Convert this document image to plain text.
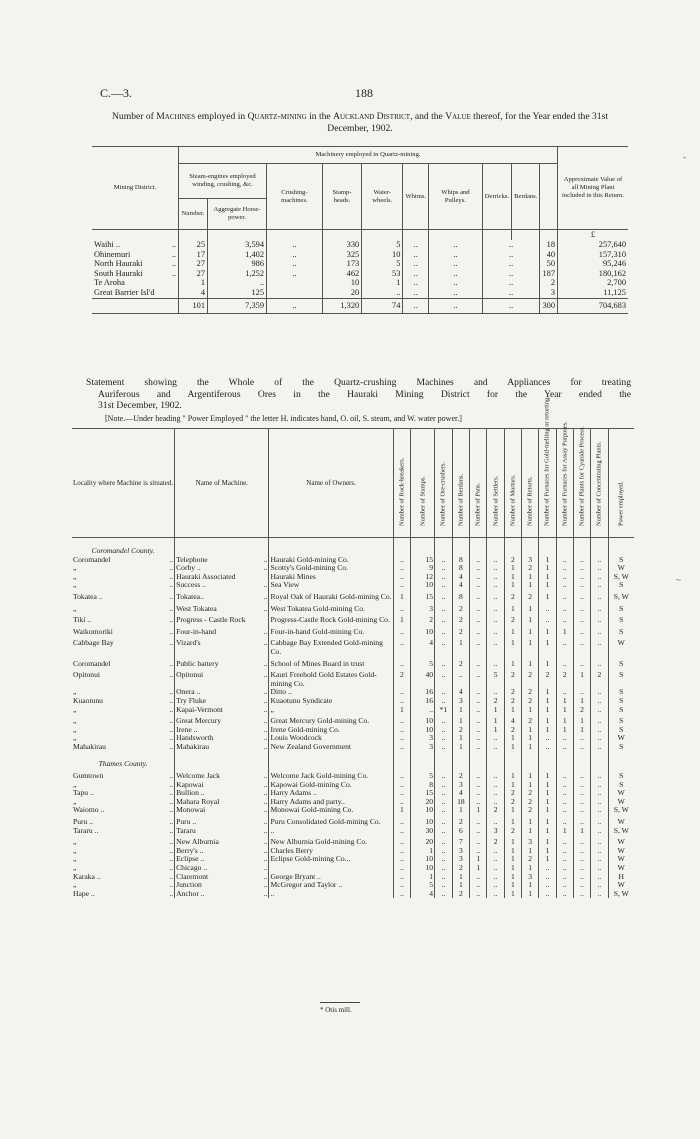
C.—3.	188
Number of Machines employed in Quartz-mining in the Auckland District, and the Value thereof, for the Year ended the 31st December, 1902.
Mining District.	Machinery employed in Quartz-mining.										Approximate Value of all Mining Plant included in this Return.
	Steam-engines employed winding, crushing, &c.		Crushing-machines.	Stamp-heads.	Water-wheels.	Whims.	Whips and Pulleys.	Derricks.	Berdans.		
	Number.	Aggregate Horse-power.									
											£
Waihi .. ..	25	3,594	..	330	5	..	..	..		18	257,640
Ohinemuri ..	17	1,402	..	325	10	..	..	..		40	157,310
North Hauraki ..	27	986	..	173	5	..	..	..		50	95,246
South Hauraki ..	27	1,252	..	462	53	..	..	..		187	180,162
Te Aroha	1	..		10	1	..	..	..		2	2,700
Great Barrier Isl'd	4	125		20	..	..	..	..		3	11,125
	101	7,359	..	1,320	74	..	..	..		300	704,683
Statement showing the Whole of the Quartz-crushing Machines and Appliances for treating
Auriferous and Argentiferous Ores in the Hauraki Mining District for the Year ended the
31st December, 1902.
[Note.—Under heading " Power Employed " the letter H. indicates hand, O. oil, S. steam, and W. water power.]
Locality where Machine is situated.	Name of Machine.	Name of Owners.	Number of Rock-breakers.	Number of Stamps.	Number of Ore-crushers.	Number of Berdans.	Number of Pans.	Number of Settlers.	Number of Mortars.	Number of Retorts.	Number of Furnaces for Gold-melting or retorting.	Number of Furnaces for Assay Purposes.	Number of Plants for Cyanide Process.	Number of Concentrating Plants.	Power employed.

Coromandel County.															
Coromandel ..	Telephone ..	Hauraki Gold-mining Co.	..	15	..	8	..	..	2	3	1	..	..	..	S
„ ..	Corby .. ..	Scotty's Gold-mining Co.	..	9	..	8	..	..	1	2	1	..	..	..	W
„ ..	Hauraki Associated	Hauraki Mines	..	12	..	4	..	..	1	1	1	..	..	..	S, W
„ ..	Success .. ..	Sea View	..	10	..	4	..	..	1	1	1	..	..	..	S
Tokatea .. ..	Tokatea.. ..	Royal Oak of Hauraki Gold-mining Co.	1	15	..	8	..	..	2	2	1	..	..	..	S, W
„ ..	West Tokatea ..	West Tokatea Gold-mining Co.	..	3	..	2	..	..	1	1	..	..	..	..	S
Tiki .. ..	Progress - Castle Rock	Progress-Castle Rock Gold-mining Co.	1	2	..	2	..	..	2	1	..	..	..	..	S
Waikomoriki ..	Four-in-hand ..	Four-in-hand Gold-mining Co.	..	10	..	2	..	..	1	1	1	1	..	..	S
Cabbage Bay ..	Vizard's ..	Cabbage Bay Extended Gold-mining Co.	..	4	..	1	..	..	1	1	1	..	..	..	W
Coromandel ..	Public battery ..	School of Mines Board in trust	..	5	..	2	..	..	1	1	1	..	..	..	S
Opitonui ..	Opitonui ..	Kauri Freehold Gold Estates Gold-mining Co.	2	40	..	..	..	5	2	2	2	2	1	2	S
„ ..	Onera .. ..	Ditto ..	..	16	..	4	..	..	2	2	1	..	..	..	S
Kuaotunu ..	Try Fluke ..	Kuaotunu Syndicate	..	16	..	3	..	2	2	2	1	1	1	..	S
„ ..	Kapai-Vermont ..	„	1	..	*1	1	..	1	1	1	1	1	2	..	S
„ ..	Great Mercury ..	Great Mercury Gold-mining Co.	..	10	..	1	..	1	4	2	1	1	1	..	S
„ ..	Irene .. ..	Irene Gold-mining Co.	..	10	..	2	..	1	2	1	1	1	1	..	S
„ ..	Handsworth ..	Louis Woodcock	..	3	..	1	..	..	1	1	..	..	..	..	W
Mahakirau ..	Mahakirau ..	New Zealand Government	..	3	..	1	..	..	1	1	..	..	..	..	S
Thames County.															
Gumtown ..	Welcome Jack ..	Welcome Jack Gold-mining Co.	..	5	..	2	..	..	1	1	1	..	..	..	S
„ ..	Kapowai ..	Kapowai Gold-mining Co.	..	8	..	3	..	..	1	1	1	..	..	..	S
Tapu .. ..	Bullion .. ..	Harry Adams ..	..	15	..	4	..	..	2	2	1	..	..	..	W
„ ..	Mahara Royal ..	Harry Adams and party..	..	20	..	18	..	..	2	2	1	..	..	..	W
Waiomo .. ..	Monowai ..	Monowai Gold-mining Co.	1	10	..	1	1	2	1	2	1	..	..	..	S, W
Puru .. ..	Puru .. ..	Puru Consolidated Gold-mining Co.	..	10	..	2	..	..	1	1	1	..	..	..	W
Tararu .. ..	Tararu ..	..	..	30	..	6	..	3	2	1	1	1	1	..	S, W
„ ..	New Alburnia ..	New Alburnia Gold-mining Co.	..	20	..	7	..	2	1	3	1	..	..	..	W
„ ..	Berry's .. ..	Charles Berry	..	1	..	3	..	..	1	1	1	..	..	..	W
„ ..	Eclipse .. ..	Eclipse Gold-mining Co...	..	10	..	3	1	..	1	2	1	..	..	..	W
„ ..	Chicago .. ..		..	10	..	2	1	..	1	1	..	..	..	..	W
Karaka .. ..	Claremont ..	George Bryant ..	..	1	..	1	..	..	1	3	..	..	..	..	H
„ ..	Junction ..	McGregor and Taylor ..	..	5	..	1	..	..	1	1	..	..	..	..	W
Hape .. ..	Anchor .. ..	..	..	4	..	2	..	..	1	1	..	..	..	..	S, W
* Otis mill.
-
~
